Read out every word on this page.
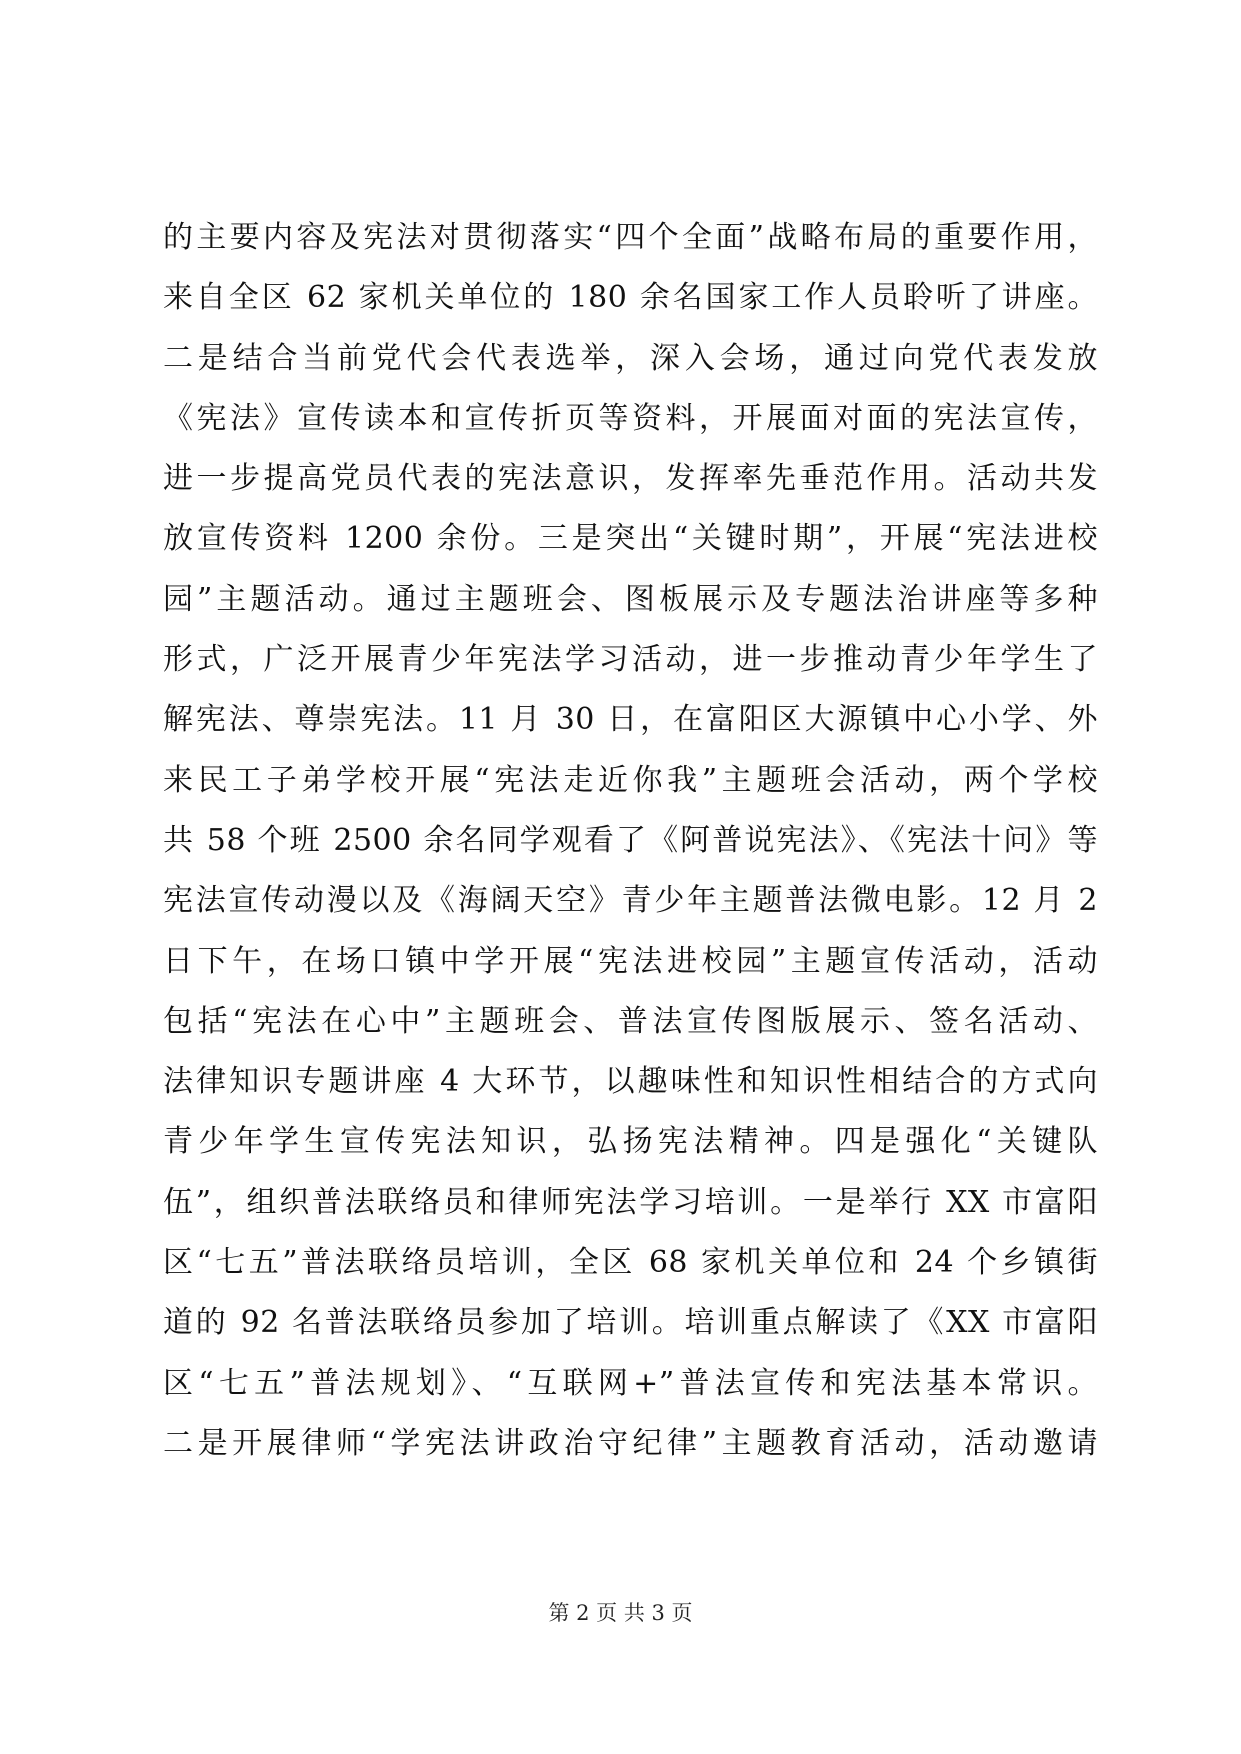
的主要内容及宪法对贯彻落实“四个全面”战略布局的重要作用，
来自全区 62 家机关单位的 180 余名国家工作人员聆听了讲座。
二是结合当前党代会代表选举，深入会场，通过向党代表发放
《宪法》宣传读本和宣传折页等资料，开展面对面的宪法宣传，
进一步提高党员代表的宪法意识，发挥率先垂范作用。活动共发
放宣传资料 1200 余份。三是突出“关键时期”，开展“宪法进校
园”主题活动。通过主题班会、图板展示及专题法治讲座等多种
形式，广泛开展青少年宪法学习活动，进一步推动青少年学生了
解宪法、尊崇宪法。11 月 30 日，在富阳区大源镇中心小学、外
来民工子弟学校开展“宪法走近你我”主题班会活动，两个学校
共 58 个班 2500 余名同学观看了《阿普说宪法》、《宪法十问》等
宪法宣传动漫以及《海阔天空》青少年主题普法微电影。12 月 2
日下午，在场口镇中学开展“宪法进校园”主题宣传活动，活动
包括“宪法在心中”主题班会、普法宣传图版展示、签名活动、
法律知识专题讲座 4 大环节，以趣味性和知识性相结合的方式向
青少年学生宣传宪法知识，弘扬宪法精神。四是强化“关键队
伍”，组织普法联络员和律师宪法学习培训。一是举行 XX 市富阳
区“七五”普法联络员培训，全区 68 家机关单位和 24 个乡镇街
道的 92 名普法联络员参加了培训。培训重点解读了《XX 市富阳
区“七五”普法规划》、“互联网+”普法宣传和宪法基本常识。
二是开展律师“学宪法讲政治守纪律”主题教育活动，活动邀请
第 2 页 共 3 页
